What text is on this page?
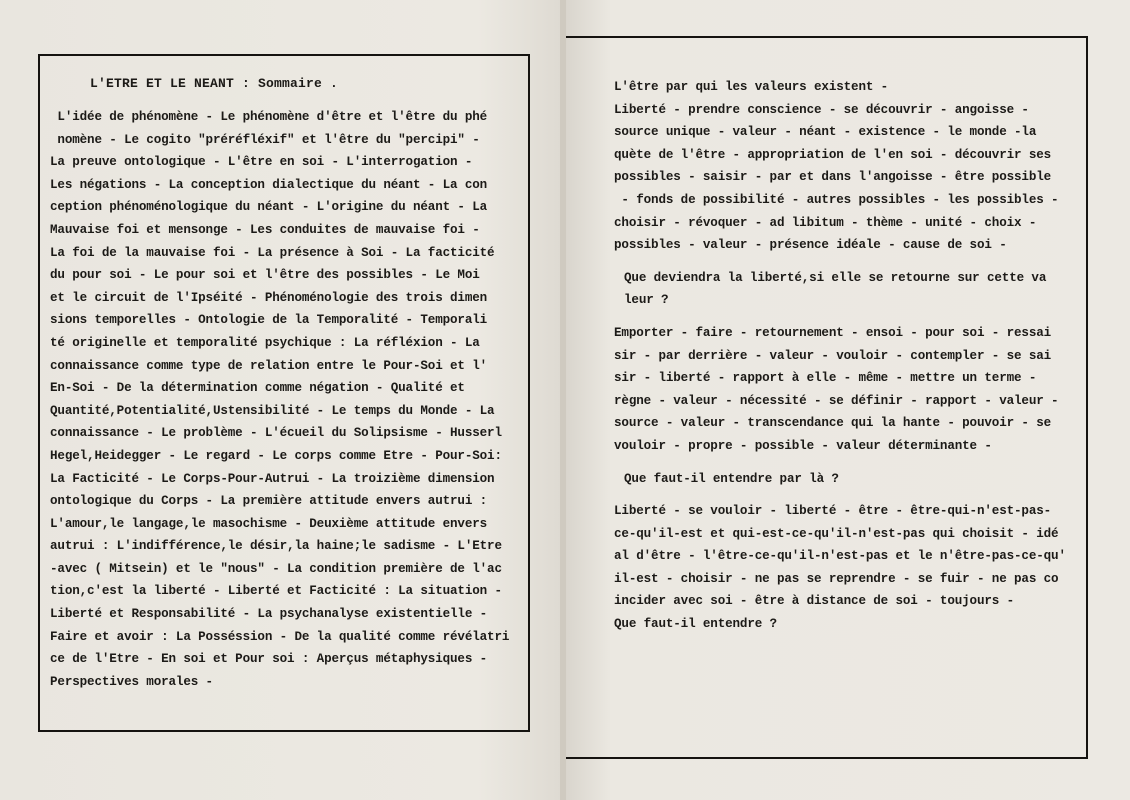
L'ETRE ET LE NEANT : Sommaire .
L'idée de phénomène - Le phénomène d'être et l'être du phé
nomène - Le cogito "préréfléxif" et l'être du "percipi" -
La preuve ontologique - L'être en soi - L'interrogation -
Les négations - La conception dialectique du néant - La con
ception phénoménologique du néant - L'origine du néant - La
Mauvaise foi et mensonge - Les conduites de mauvaise foi -
La foi de la mauvaise foi - La présence à Soi - La facticité
du pour soi - Le pour soi et l'être des possibles - Le Moi
et le circuit de l'Ipséité - Phénoménologie des trois dimen
sions temporelles - Ontologie de la Temporalité - Temporali
té originelle et temporalité psychique : La réfléxion - La
connaissance comme type de relation entre le Pour-Soi et l'
En-Soi - De la détermination comme négation - Qualité et
Quantité,Potentialité,Ustensibilité - Le temps du Monde - La
connaissance - Le problème - L'écueil du Solipsisme - Husserl
Hegel,Heidegger - Le regard - Le corps comme Etre - Pour-Soi:
La Facticité - Le Corps-Pour-Autrui - La troizième dimension
ontologique du Corps - La première attitude envers autrui :
L'amour,le langage,le masochisme - Deuxième attitude envers
autrui : L'indifférence,le désir,la haine;le sadisme - L'Etre
-avec ( Mitsein) et le "nous" - La condition première de l'ac
tion,c'est la liberté - Liberté et Facticité : La situation -
Liberté et Responsabilité - La psychanalyse existentielle -
Faire et avoir : La Posséssion - De la qualité comme révélatri
ce de l'Etre - En soi et Pour soi : Aperçus métaphysiques -
Perspectives morales -
L'être par qui les valeurs existent -
Liberté - prendre conscience - se découvrir - angoisse -
source unique - valeur - néant - existence - le monde -la
quète de l'être - appropriation de l'en soi - découvrir ses
possibles - saisir - par et dans l'angoisse - être possible
- fonds de possibilité - autres possibles - les possibles -
choisir - révoquer - ad libitum - thème - unité - choix -
possibles - valeur - présence idéale - cause de soi -
Que deviendra la liberté,si elle se retourne sur cette va
leur ?
Emporter - faire - retournement - ensoi - pour soi - ressai
sir - par derrière - valeur - vouloir - contempler - se sai
sir - liberté - rapport à elle - même - mettre un terme -
règne - valeur - nécessité - se définir - rapport - valeur -
source - valeur - transcendance qui la hante - pouvoir - se
vouloir - propre - possible - valeur déterminante -
Que faut-il entendre par là ?
Liberté - se vouloir - liberté - être - être-qui-n'est-pas-
ce-qu'il-est et qui-est-ce-qu'il-n'est-pas qui choisit - idé
al d'être - l'être-ce-qu'il-n'est-pas et le n'être-pas-ce-qu'
il-est - choisir - ne pas se reprendre - se fuir - ne pas co
incider avec soi - être à distance de soi - toujours -
Que faut-il entendre ?
